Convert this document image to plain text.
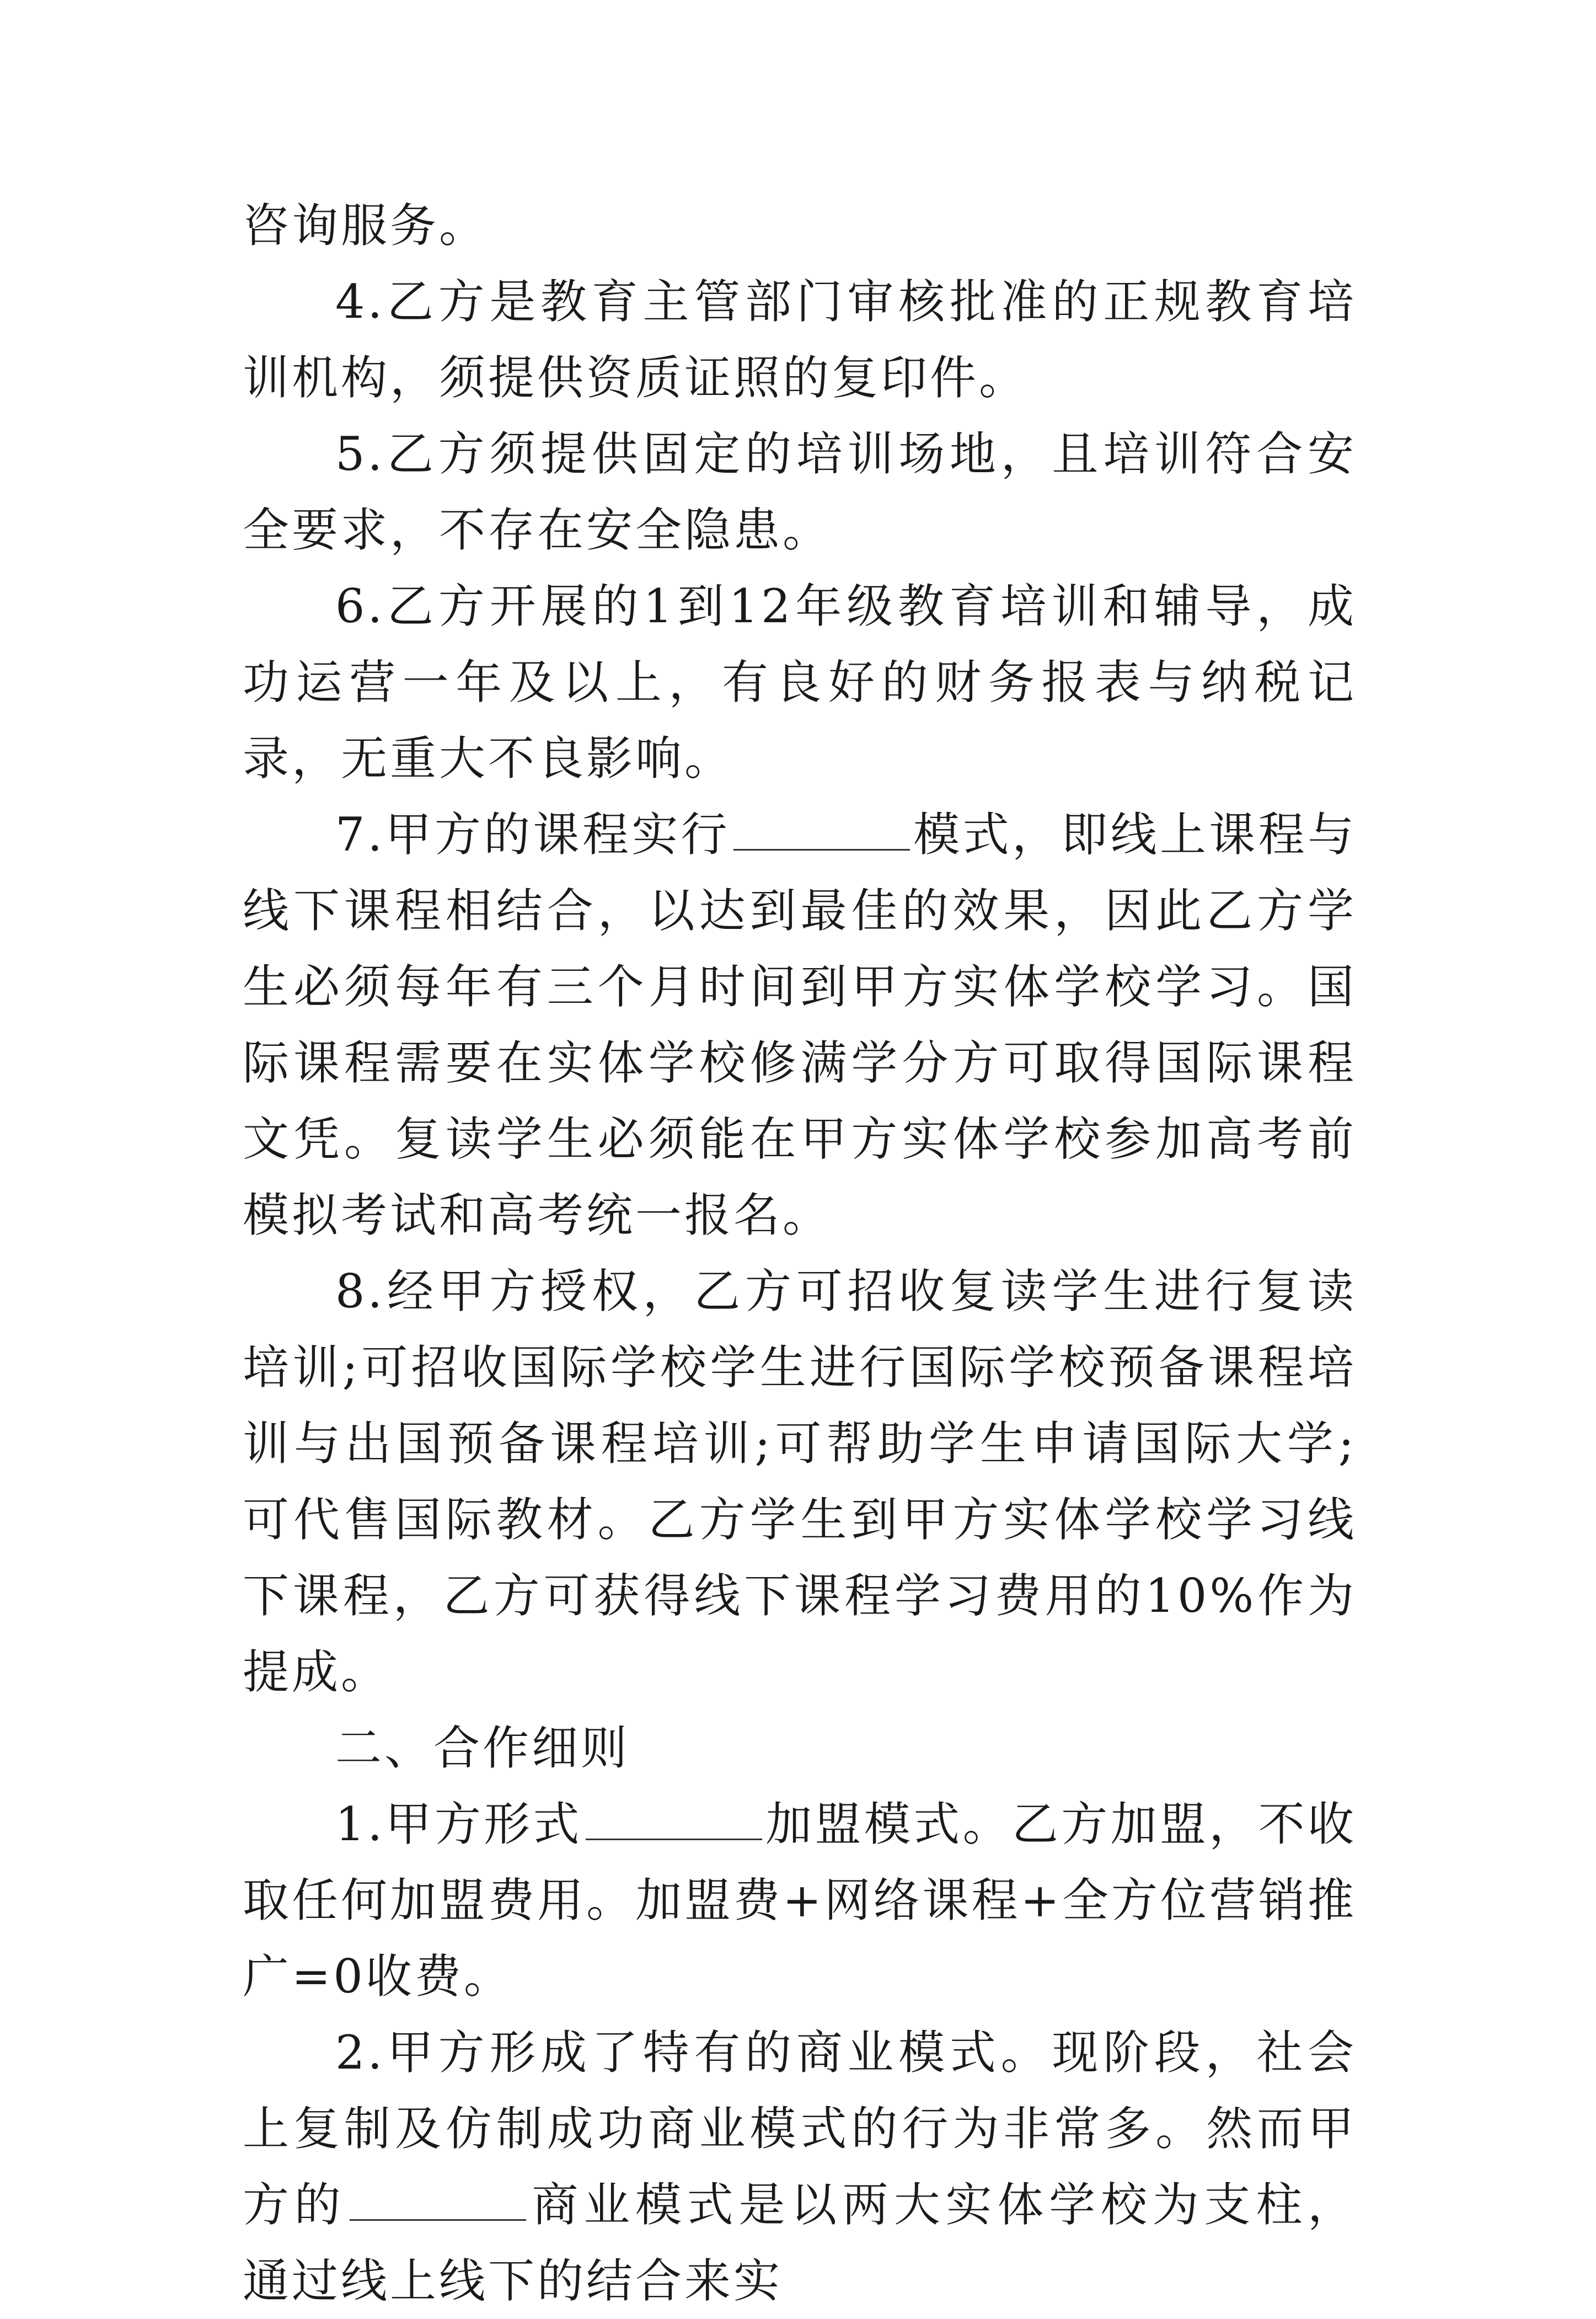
咨询服务。

4.乙方是教育主管部门审核批准的正规教育培训机构，须提供资质证照的复印件。

5.乙方须提供固定的培训场地，且培训符合安全要求，不存在安全隐患。

6.乙方开展的1到12年级教育培训和辅导，成功运营一年及以上，有良好的财务报表与纳税记录，无重大不良影响。

7.甲方的课程实行	模式，即线上课程与线下课程相结合，以达到最佳的效果，因此乙方学生必须每年有三个月时间到甲方实体学校学习。国际课程需要在实体学校修满学分方可取得国际课程文凭。复读学生必须能在甲方实体学校参加高考前模拟考试和高考统一报名。

8.经甲方授权，乙方可招收复读学生进行复读培训;可招收国际学校学生进行国际学校预备课程培训与出国预备课程培训;可帮助学生申请国际大学;可代售国际教材。乙方学生到甲方实体学校学习线下课程，乙方可获得线下课程学习费用的10%作为提成。

二、合作细则

1.甲方形式	加盟模式。乙方加盟，不收取任何加盟费用。加盟费+网络课程+全方位营销推广=0收费。

2.甲方形成了特有的商业模式。现阶段，社会上复制及仿制成功商业模式的行为非常多。然而甲方的	商业模式是以两大实体学校为支柱，通过线上线下的结合来实
